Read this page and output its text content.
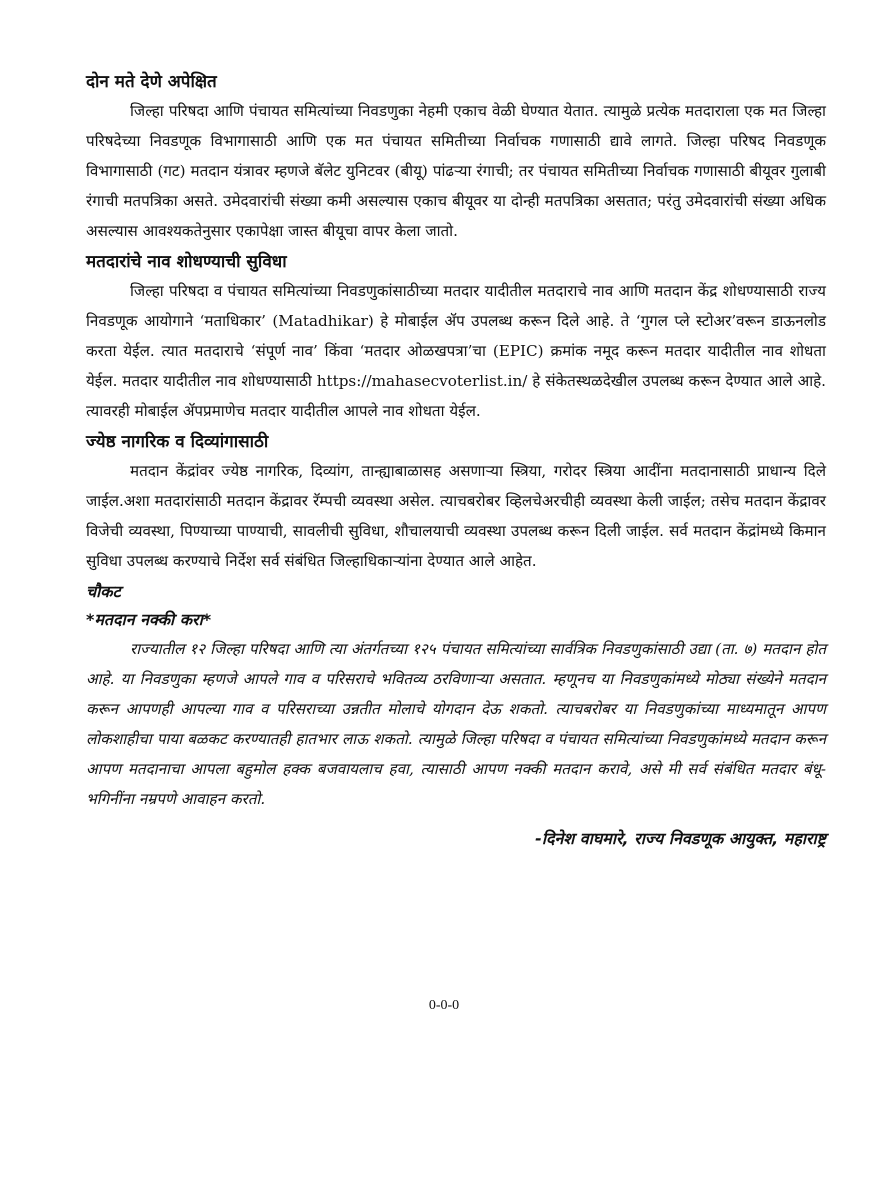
दोन मते देणे अपेक्षित

जिल्हा परिषदा आणि पंचायत समित्यांच्या निवडणुका नेहमी एकाच वेळी घेण्यात येतात. त्यामुळे प्रत्येक मतदाराला एक मत जिल्हा परिषदेच्या निवडणूक विभागासाठी आणि एक मत पंचायत समितीच्या निर्वाचक गणासाठी द्यावे लागते. जिल्हा परिषद निवडणूक विभागासाठी (गट) मतदान यंत्रावर म्हणजे बॅलेट युनिटवर (बीयू) पांढऱ्या रंगाची; तर पंचायत समितीच्या निर्वाचक गणासाठी बीयूवर गुलाबी रंगाची मतपत्रिका असते. उमेदवारांची संख्या कमी असल्यास एकाच बीयूवर या दोन्ही मतपत्रिका असतात; परंतु उमेदवारांची संख्या अधिक असल्यास आवश्यकतेनुसार एकापेक्षा जास्त बीयूचा वापर केला जातो.

मतदारांचे नाव शोधण्याची सुविधा

जिल्हा परिषदा व पंचायत समित्यांच्या निवडणुकांसाठीच्या मतदार यादीतील मतदाराचे नाव आणि मतदान केंद्र शोधण्यासाठी राज्य निवडणूक आयोगाने ‘मताधिकार’ (Matadhikar) हे मोबाईल ॲप उपलब्ध करून दिले आहे. ते ‘गुगल प्ले स्टोअर’वरून डाऊनलोड करता येईल. त्यात मतदाराचे ‘संपूर्ण नाव’ किंवा ‘मतदार ओळखपत्रा’चा (EPIC) क्रमांक नमूद करून मतदार यादीतील नाव शोधता येईल. मतदार यादीतील नाव शोधण्यासाठी https://mahasecvoterlist.in/ हे संकेतस्थळदेखील उपलब्ध करून देण्यात आले आहे. त्यावरही मोबाईल ॲपप्रमाणेच मतदार यादीतील आपले नाव शोधता येईल.

ज्येष्ठ नागरिक व दिव्यांगासाठी

मतदान केंद्रांवर ज्येष्ठ नागरिक, दिव्यांग, तान्ह्याबाळासह असणाऱ्या स्त्रिया, गरोदर स्त्रिया आदींना मतदानासाठी प्राधान्य दिले जाईल.अशा मतदारांसाठी मतदान केंद्रावर रॅम्पची व्यवस्था असेल. त्याचबरोबर व्हिलचेअरचीही व्यवस्था केली जाईल; तसेच मतदान केंद्रावर विजेची व्यवस्था, पिण्याच्या पाण्याची, सावलीची सुविधा, शौचालयाची व्यवस्था उपलब्ध करून दिली जाईल. सर्व मतदान केंद्रांमध्ये किमान सुविधा उपलब्ध करण्याचे निर्देश सर्व संबंधित जिल्हाधिकाऱ्यांना देण्यात आले आहेत.

चौकट
*मतदान नक्की करा*

राज्यातील १२ जिल्हा परिषदा आणि त्या अंतर्गतच्या १२५ पंचायत समित्यांच्या सार्वत्रिक निवडणुकांसाठी उद्या (ता. ७) मतदान होत आहे. या निवडणुका म्हणजे आपले गाव व परिसराचे भवितव्य ठरविणाऱ्या असतात. म्हणूनच या निवडणुकांमध्ये मोठ्या संख्येने मतदान करून आपणही आपल्या गाव व परिसराच्या उन्नतीत मोलाचे योगदान देऊ शकतो. त्याचबरोबर या निवडणुकांच्या माध्यमातून आपण लोकशाहीचा पाया बळकट करण्यातही हातभार लाऊ शकतो. त्यामुळे जिल्हा परिषदा व पंचायत समित्यांच्या निवडणुकांमध्ये मतदान करून आपण मतदानाचा आपला बहुमोल हक्क बजवायलाच हवा, त्यासाठी आपण नक्की मतदान करावे, असे मी सर्व संबंधित मतदार बंधू- भगिनींना नम्रपणे आवाहन करतो.

-दिनेश वाघमारे, राज्य निवडणूक आयुक्त, महाराष्ट्र

0-0-0
